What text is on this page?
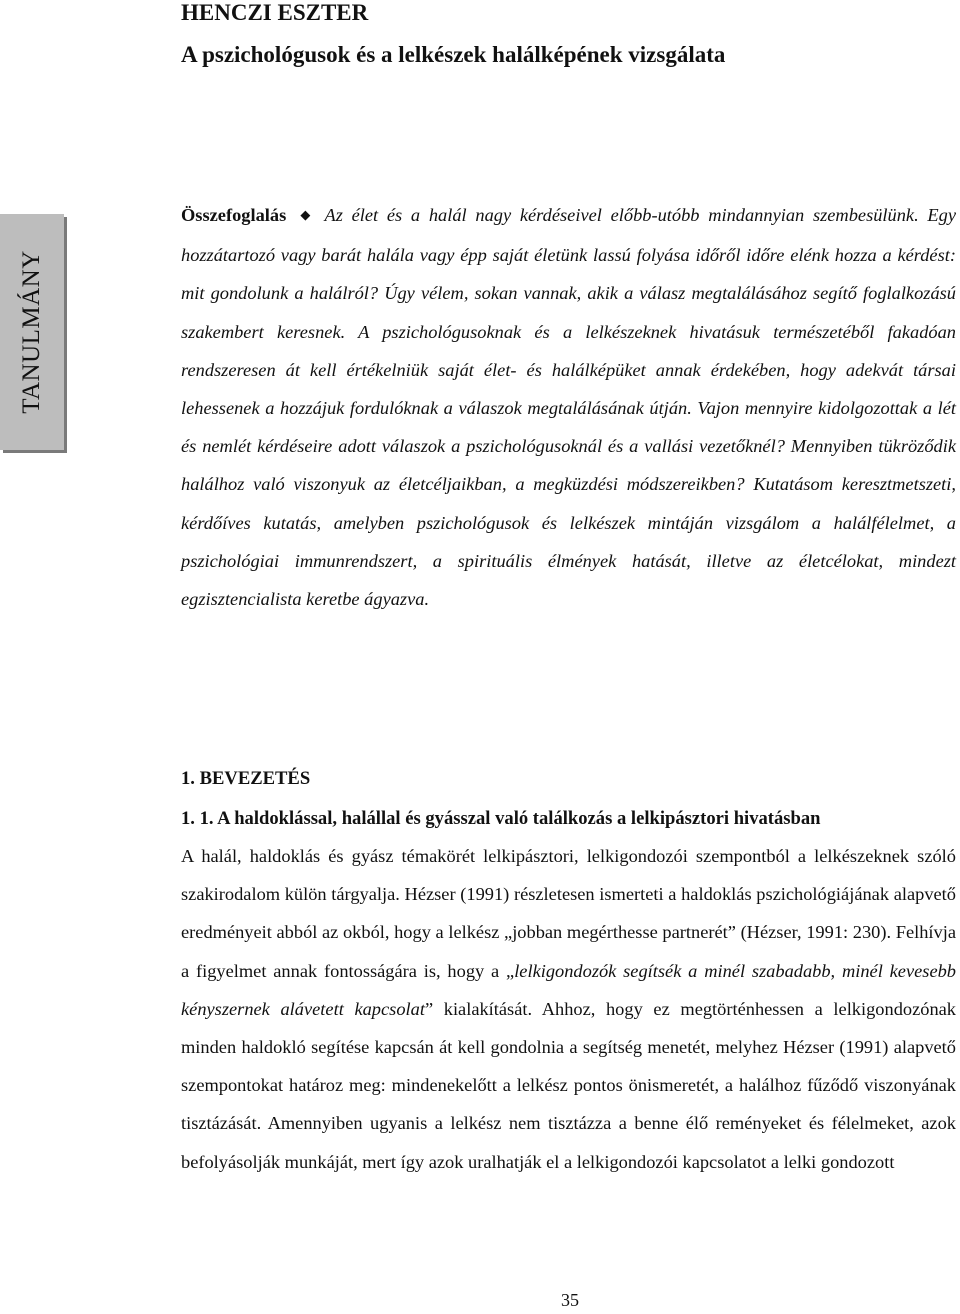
HENCZI ESZTER
A pszichológusok és a lelkészek halálképének vizsgálata
TANULMÁNY

Összefoglalás ◆ Az élet és a halál nagy kérdéseivel előbb-utóbb mindannyian szembesülünk. Egy hozzátartozó vagy barát halála vagy épp saját életünk lassú folyása időről időre elénk hozza a kérdést: mit gondolunk a halálról? Úgy vélem, sokan vannak, akik a válasz megtalálásához segítő foglalkozású szakembert keresnek. A pszichológusoknak és a lelkészeknek hivatásuk természetéből fakadóan rendszeresen át kell értékelniük saját élet- és halálképüket annak érdekében, hogy adekvát társai lehessenek a hozzájuk fordulóknak a válaszok megtalálásának útján. Vajon mennyire kidolgozottak a lét és nemlét kérdéseire adott válaszok a pszichológusoknál és a vallási vezetőknél? Mennyiben tükröződik halálhoz való viszonyuk az életcéljaikban, a megküzdési módszereikben? Kutatásom keresztmetszeti, kérdőíves kutatás, amelyben pszichológusok és lelkészek mintáján vizsgálom a halálfélelmet, a pszichológiai immunrendszert, a spirituális élmények hatását, illetve az életcélokat, mindezt egzisztencialista keretbe ágyazva.

1. BEVEZETÉS
1. 1. A haldoklással, halállal és gyásszal való találkozás a lelkipásztori hivatásban

A halál, haldoklás és gyász témakörét lelkipásztori, lelkigondozói szempontból a lelkészeknek szóló szakirodalom külön tárgyalja. Hézser (1991) részletesen ismerteti a haldoklás pszichológiájának alapvető eredményeit abból az okból, hogy a lelkész „jobban megérthesse partnerét” (Hézser, 1991: 230). Felhívja a figyelmet annak fontosságára is, hogy a „lelkigondozók segítsék a minél szabadabb, minél kevesebb kényszernek alávetett kapcsolat” kialakítását. Ahhoz, hogy ez megtörténhessen a lelkigondozónak minden haldokló segítése kapcsán át kell gondolnia a segítség menetét, melyhez Hézser (1991) alapvető szempontokat határoz meg: mindenekelőtt a lelkész pontos önismeretét, a halálhoz fűződő viszonyának tisztázását. Amennyiben ugyanis a lelkész nem tisztázza a benne élő reményeket és félelmeket, azok befolyásolják munkáját, mert így azok uralhatják el a lelkigondozói kapcsolatot a lelki gondozott

35
